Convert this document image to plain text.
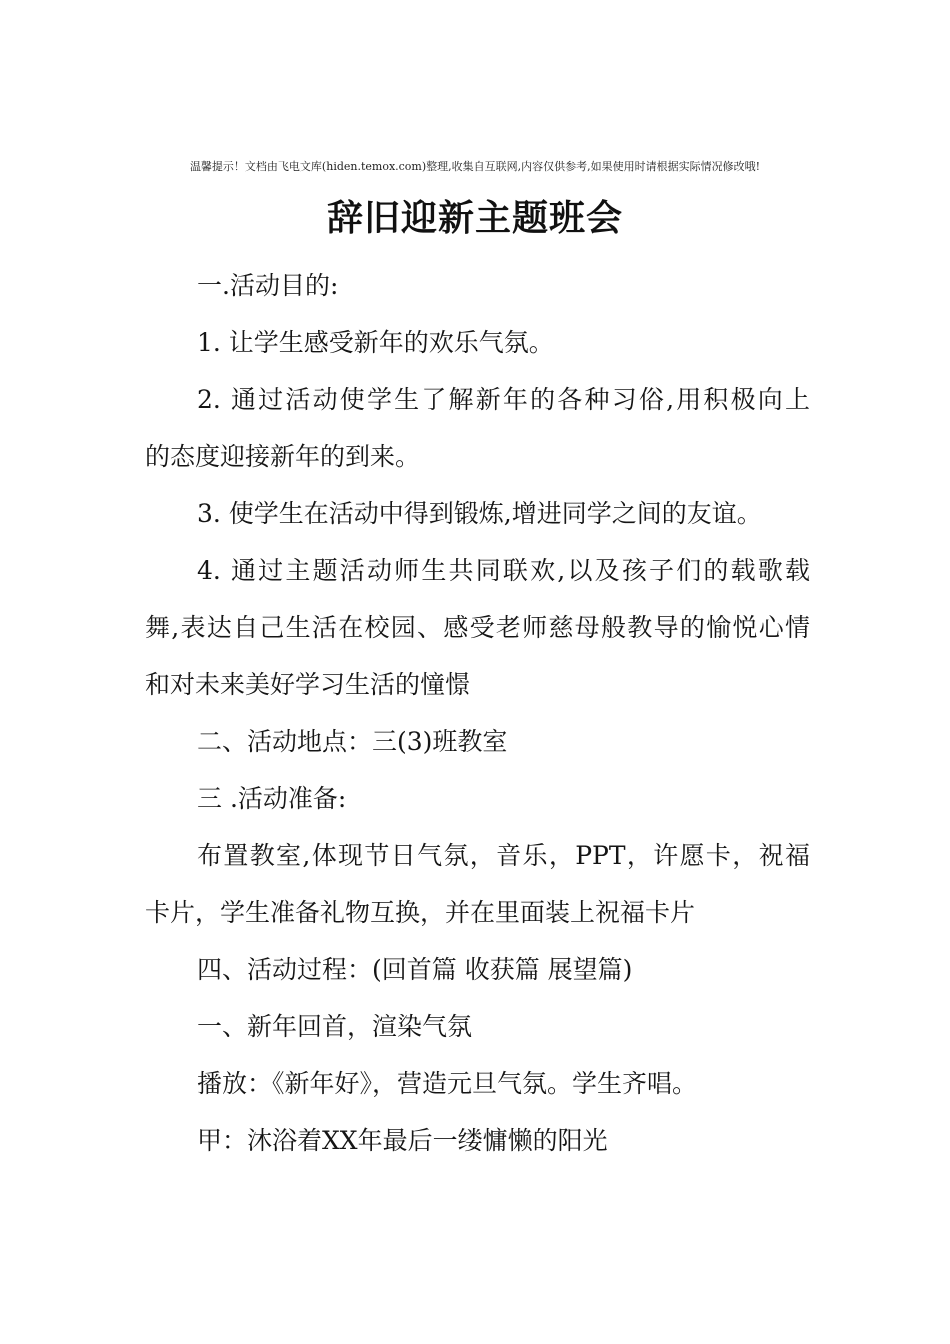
温馨提示！文档由飞电文库(hiden.temox.com)整理,收集自互联网,内容仅供参考,如果使用时请根据实际情况修改哦!
辞旧迎新主题班会
一.活动目的:
1. 让学生感受新年的欢乐气氛。
2. 通过活动使学生了解新年的各种习俗,用积极向上
的态度迎接新年的到来。
3. 使学生在活动中得到锻炼,增进同学之间的友谊。
4. 通过主题活动师生共同联欢,以及孩子们的载歌载
舞,表达自己生活在校园、感受老师慈母般教导的愉悦心情
和对未来美好学习生活的憧憬
二、活动地点：三(3)班教室
三 .活动准备:
布置教室,体现节日气氛，音乐，PPT，许愿卡，祝福
卡片，学生准备礼物互换，并在里面装上祝福卡片
四、活动过程：(回首篇 收获篇 展望篇)
一、新年回首，渲染气氛
播放：《新年好》，营造元旦气氛。学生齐唱。
甲：沐浴着XX年最后一缕慵懒的阳光
